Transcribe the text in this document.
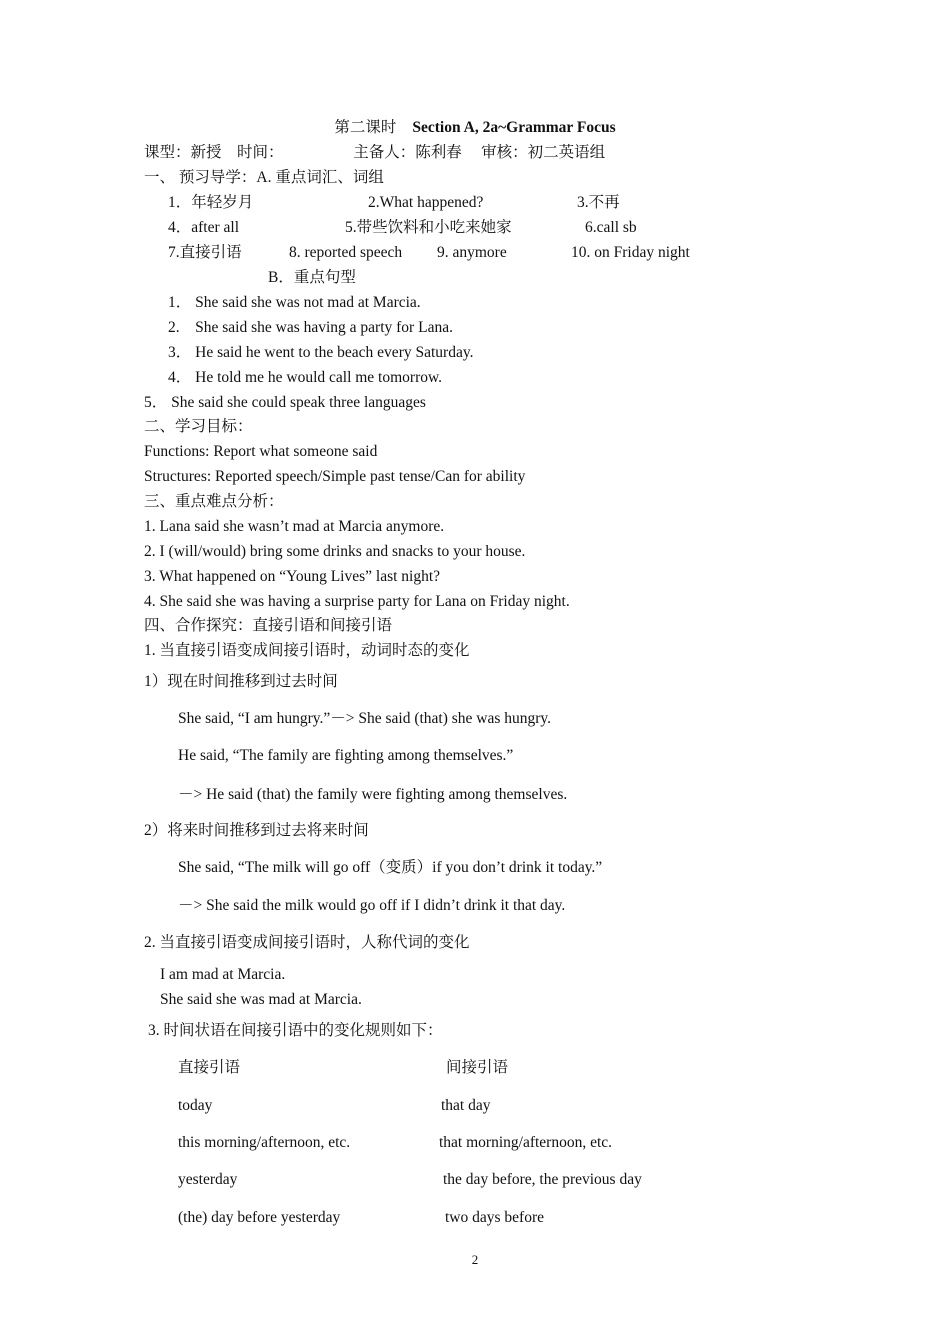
第二课时 Section A, 2a~Grammar Focus
课型：新授　时间：　　　　　主备人：陈利春　 审核：初二英语组
一、 预习导学：A. 重点词汇、词组
1．年轻岁月	2.What happened?	3.不再
4．after all	5.带些饮料和小吃来她家	6.call sb
7.直接引语	8. reported speech 9. anymore	10. on Friday night
B．重点句型
1． She said she was not mad at Marcia.
2.　She said she was having a party for Lana.
3． He said he went to the beach every Saturday.
4． He told me he would call me tomorrow.
5． She said she could speak three languages
二、学习目标：
Functions: Report what someone said
Structures: Reported speech/Simple past tense/Can for ability
三、重点难点分析：
1. Lana said she wasn’t mad at Marcia anymore.
2. I (will/would) bring some drinks and snacks to your house.
3. What happened on “Young Lives” last night?
4. She said she was having a surprise party for Lana on Friday night.
四、合作探究：直接引语和间接引语
1. 当直接引语变成间接引语时，动词时态的变化
1）现在时间推移到过去时间
She said, “I am hungry.”－> She said (that) she was hungry.
He said, “The family are fighting among themselves.”
－> He said (that) the family were fighting among themselves.
2）将来时间推移到过去将来时间
She said, “The milk will go off（变质）if you don’t drink it today.”
－> She said the milk would go off if I didn’t drink it that day.
2. 当直接引语变成间接引语时，人称代词的变化
I am mad at Marcia.
She said she was mad at Marcia.
3. 时间状语在间接引语中的变化规则如下：
直接引语	间接引语
today	that day
this morning/afternoon, etc.	that morning/afternoon, etc.
yesterday	the day before, the previous day
(the) day before yesterday	two days before
2
